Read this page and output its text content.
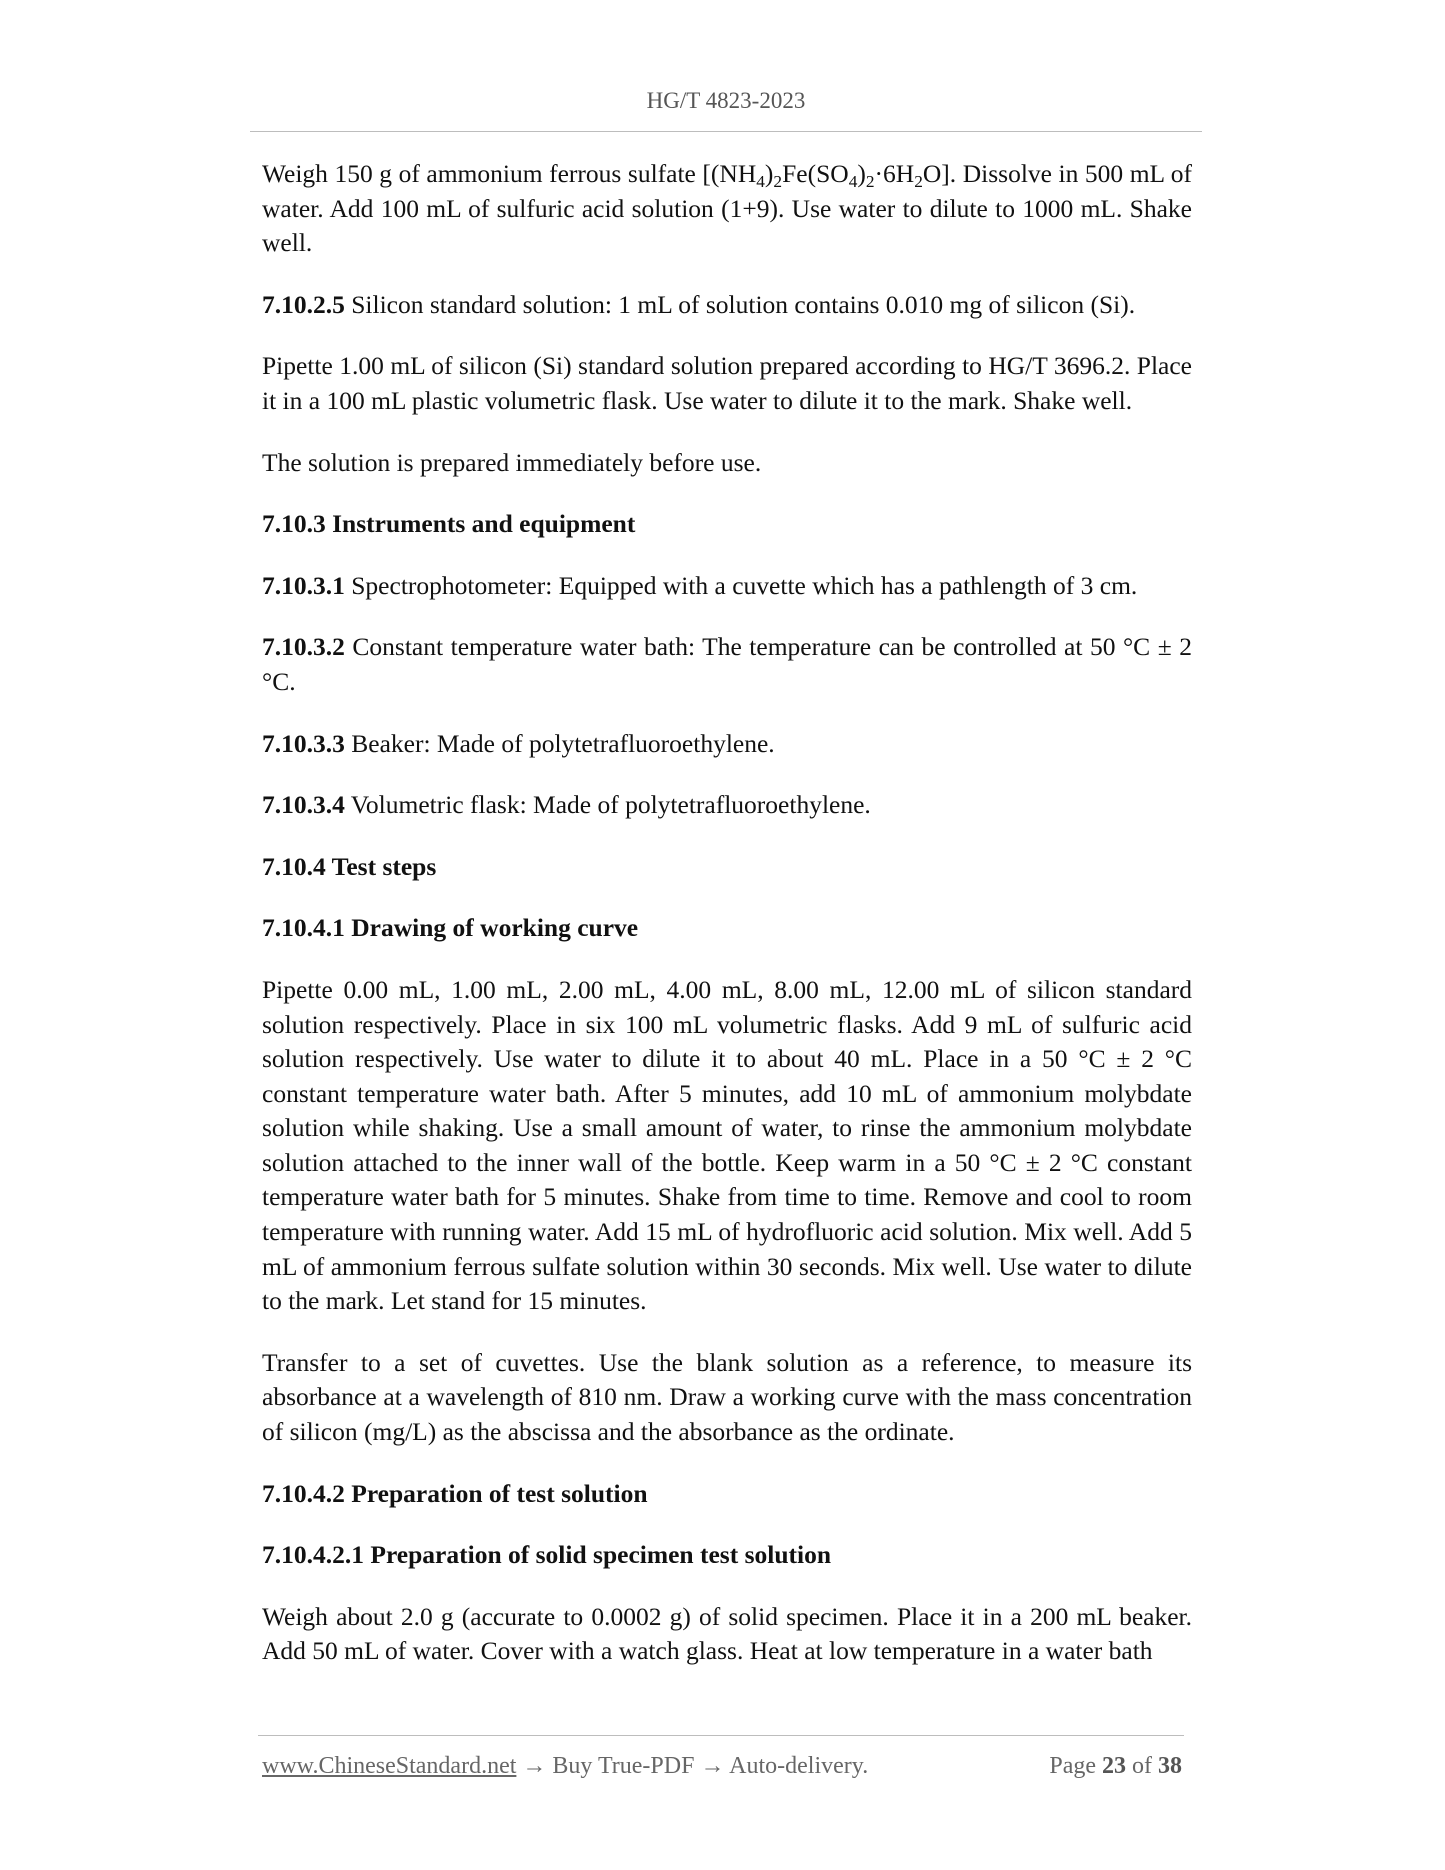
HG/T 4823-2023

Weigh 150 g of ammonium ferrous sulfate $[(NH_4)_2Fe(SO_4)_2\cdot 6H_2O]$. Dissolve in 500 mL of water. Add 100 mL of sulfuric acid solution (1+9). Use water to dilute to 1000 mL. Shake well.

7.10.2.5 Silicon standard solution: 1 mL of solution contains 0.010 mg of silicon (Si).

Pipette 1.00 mL of silicon (Si) standard solution prepared according to HG/T 3696.2. Place it in a 100 mL plastic volumetric flask. Use water to dilute it to the mark. Shake well.

The solution is prepared immediately before use.

7.10.3 Instruments and equipment

7.10.3.1 Spectrophotometer: Equipped with a cuvette which has a pathlength of 3 cm.

7.10.3.2 Constant temperature water bath: The temperature can be controlled at 50 °C ± 2 °C.

7.10.3.3 Beaker: Made of polytetrafluoroethylene.

7.10.3.4 Volumetric flask: Made of polytetrafluoroethylene.

7.10.4 Test steps

7.10.4.1 Drawing of working curve

Pipette 0.00 mL, 1.00 mL, 2.00 mL, 4.00 mL, 8.00 mL, 12.00 mL of silicon standard solution respectively. Place in six 100 mL volumetric flasks. Add 9 mL of sulfuric acid solution respectively. Use water to dilute it to about 40 mL. Place in a 50 °C ± 2 °C constant temperature water bath. After 5 minutes, add 10 mL of ammonium molybdate solution while shaking. Use a small amount of water, to rinse the ammonium molybdate solution attached to the inner wall of the bottle. Keep warm in a 50 °C ± 2 °C constant temperature water bath for 5 minutes. Shake from time to time. Remove and cool to room temperature with running water. Add 15 mL of hydrofluoric acid solution. Mix well. Add 5 mL of ammonium ferrous sulfate solution within 30 seconds. Mix well. Use water to dilute to the mark. Let stand for 15 minutes.

Transfer to a set of cuvettes. Use the blank solution as a reference, to measure its absorbance at a wavelength of 810 nm. Draw a working curve with the mass concentration of silicon (mg/L) as the abscissa and the absorbance as the ordinate.

7.10.4.2 Preparation of test solution

7.10.4.2.1 Preparation of solid specimen test solution

Weigh about 2.0 g (accurate to 0.0002 g) of solid specimen. Place it in a 200 mL beaker. Add 50 mL of water. Cover with a watch glass. Heat at low temperature in a water bath

www.ChineseStandard.net → Buy True-PDF → Auto-delivery.	Page 23 of 38
